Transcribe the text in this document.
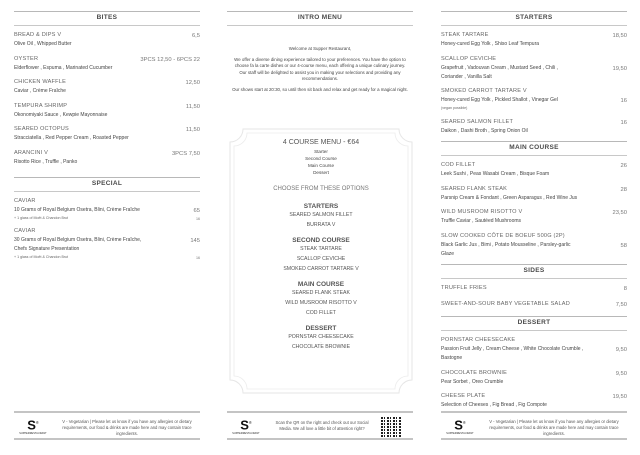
BITES
BREAD & DIPS V
Olive Oil , Whipped Butter
6,5
OYSTER
Elderflower , Espuma , Marinated Cucumber
3PCS 12,50 - 6PCS 22
CHICKEN WAFFLE
Caviar , Crème Fraîche
12,50
TEMPURA SHRIMP
Okonomiyaki Sauce , Kewpie Mayonnaise
11,50
SEARED OCTOPUS
Stracciatella , Red Pepper Cream , Roasted Pepper
11,50
ARANCINI V
Risotto Rice , Truffle , Panko
3PCS 7,50
SPECIAL
CAVIAR
10 Grams of Royal Belgium Osetra, Blini, Crème Fraîche
+ 1 glass of Moët & Chandon Brut
65
16
CAVIAR
30 Grams of Royal Belgium Osetra, Blini, Crème Fraîche,
Chefs Signature Presentation
+ 1 glass of Moët & Chandon Brut
145
16
S®
SUPPERRESTAURANT
V - Vegetarian | Please let us know if you have any allergies or dietary requirements, our food & drinks are made here and may contain trace ingredients.
INTRO MENU
Welcome at Supper Restaurant,
We offer a diverse dining experience tailored to your preferences. You have the option to choose fa la carte dishes or our 4-course menu, each offering a unique culinary journey. Our staff will be delighted to assist you in making your selections and providing any recommendations.
Our shows start at 20:30, so until then sit back and relax and get ready for a magical night.
4 COURSE MENU - €64
Starter
Second Course
Main Course
Dessert
CHOOSE FROM THESE OPTIONS
STARTERS
SEARED SALMON FILLET
-
BURRATA V
SECOND COURSE
STEAK TARTARE
-
SCALLOP CEVICHE
-
SMOKED CARROT TARTARE V
MAIN COURSE
SEARED FLANK STEAK
-
WILD MUSROOM RISOTTO V
-
COD FILLET
DESSERT
PORNSTAR CHEESECAKE
-
CHOCOLATE BROWNIE
S®
SUPPERRESTAURANT
Scan the QR on the right and check out our Social Media. We all love a little bit of attention right?
STARTERS
STEAK TARTARE
Honey-cured Egg Yolk , Shiso Leaf Tempura
18,50
SCALLOP CEVICHE
Grapefruit , Vadouvan Cream , Mustard Seed , Chili ,
Coriander , Vanilla Salt
19,50
SMOKED CARROT TARTARE V
Honey-cured Egg Yolk , Pickled Shallot , Vinegar Gel
(vegan possible)
16
SEARED SALMON FILLET
Daikon , Dashi Broth , Spring Onion Oil
16
MAIN COURSE
COD FILLET
Leek Sushi , Peas Wasabi Cream , Bisque Foam
26
SEARED FLANK STEAK
Parsnip Cream & Fondant , Green Asparagus , Red Wine Jus
28
WILD MUSROOM RISOTTO V
Truffle Caviar , Sautéed Mushrooms
23,50
SLOW COOKED CÔTE DE BOEUF 500G (2P)
Black Garlic Jus , Bimi , Potato Mousseline , Parsley-garlic
Glaze
58
SIDES
TRUFFLE FRIES	8
SWEET-AND-SOUR BABY VEGETABLE SALAD	7,50
DESSERT
PORNSTAR CHEESECAKE
Passion Fruit Jelly , Cream Cheese , White Chocolate Crumble ,
Bastogne
9,50
CHOCOLATE BROWNIE
Pear Sorbet , Oreo Crumble
9,50
CHEESE PLATE
Selection of Cheeses , Fig Bread , Fig Compote
19,50
S®
SUPPERRESTAURANT
V - Vegetarian | Please let us know if you have any allergies or dietary requirements, our food & drinks are made here and may contain trace ingredients.
